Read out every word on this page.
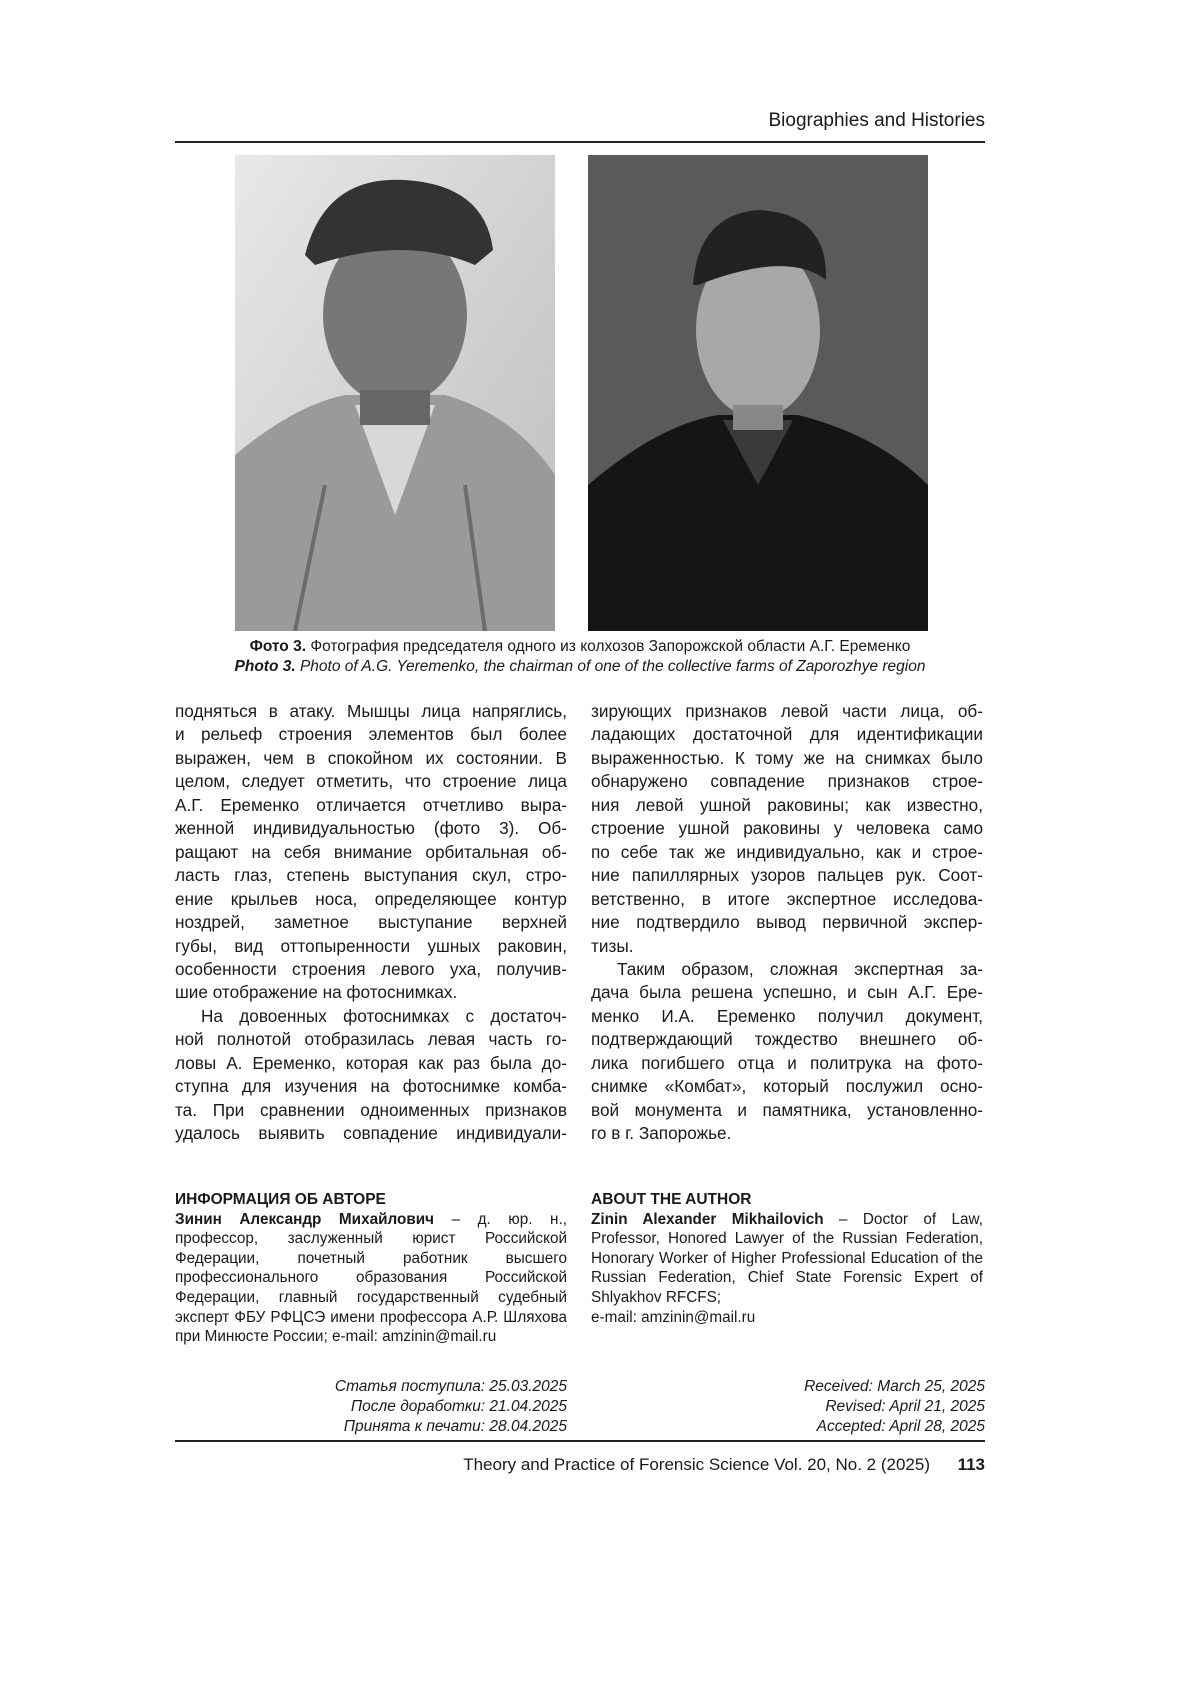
Biographies and Histories
Фото 3. Фотография председателя одного из колхозов Запорожской области А.Г. Еременко
Photo 3. Photo of A.G. Yeremenko, the chairman of one of the collective farms of Zaporozhye region
подняться в атаку. Мышцы лица напряглись,
и рельеф строения элементов был более
выражен, чем в спокойном их состоянии. В
целом, следует отметить, что строение лица
А.Г. Еременко отличается отчетливо выра-
женной индивидуальностью (фото 3). Об-
ращают на себя внимание орбитальная об-
ласть глаз, степень выступания скул, стро-
ение крыльев носа, определяющее контур
ноздрей, заметное выступание верхней
губы, вид оттопыренности ушных раковин,
особенности строения левого уха, получив-
шие отображение на фотоснимках.
На довоенных фотоснимках с достаточ-
ной полнотой отобразилась левая часть го-
ловы А. Еременко, которая как раз была до-
ступна для изучения на фотоснимке комба-
та. При сравнении одноименных признаков
удалось выявить совпадение индивидуали-
зирующих признаков левой части лица, об-
ладающих достаточной для идентификации
выраженностью. К тому же на снимках было
обнаружено совпадение признаков строе-
ния левой ушной раковины; как известно,
строение ушной раковины у человека само
по себе так же индивидуально, как и строе-
ние папиллярных узоров пальцев рук. Соот-
ветственно, в итоге экспертное исследова-
ние подтвердило вывод первичной экспер-
тизы.
Таким образом, сложная экспертная за-
дача была решена успешно, и сын А.Г. Ере-
менко И.А. Еременко получил документ,
подтверждающий тождество внешнего об-
лика погибшего отца и политрука на фото-
снимке «Комбат», который послужил осно-
вой монумента и памятника, установленно-
го в г. Запорожье.
ИНФОРМАЦИЯ ОБ АВТОРЕ
Зинин Александр Михайлович – д. юр. н., профессор, заслуженный юрист Российской Федерации, почетный работник высшего профессионального образования Российской Федерации, главный государственный судебный эксперт ФБУ РФЦСЭ имени профессора А.Р. Шляхова при Минюсте России; e-mail: amzinin@mail.ru
ABOUT THE AUTHOR
Zinin Alexander Mikhailovich – Doctor of Law, Professor, Honored Lawyer of the Russian Federation, Honorary Worker of Higher Professional Education of the Russian Federation, Chief State Forensic Expert of Shlyakhov RFCFS;
e-mail: amzinin@mail.ru
Статья поступила: 25.03.2025
После доработки: 21.04.2025
Принята к печати: 28.04.2025
Received: March 25, 2025
Revised: April 21, 2025
Accepted: April 28, 2025
Theory and Practice of Forensic Science Vol. 20, No. 2 (2025) 113
